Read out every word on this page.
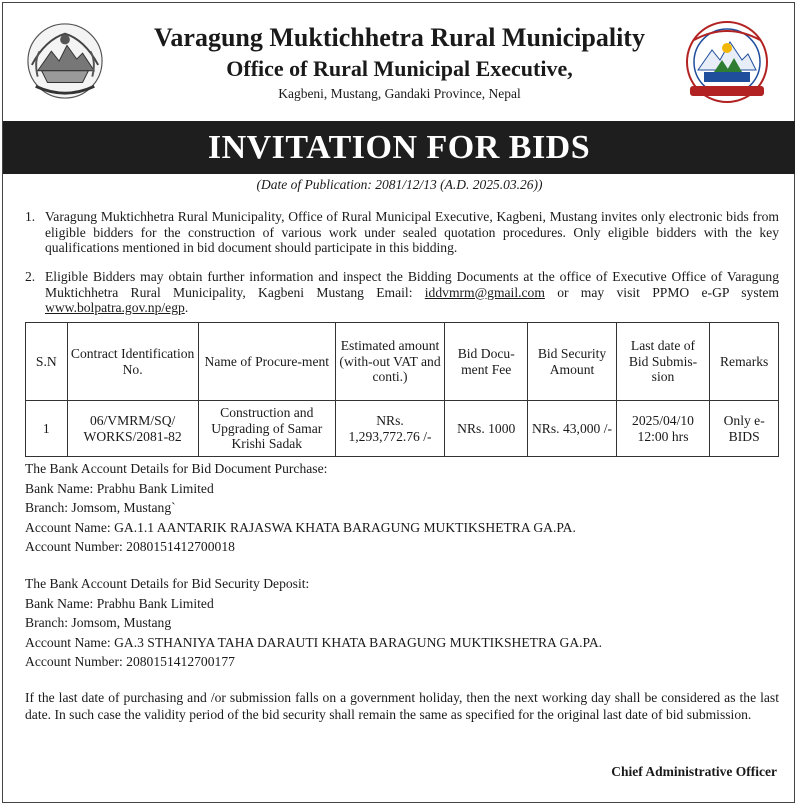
Varagung Muktichhetra Rural Municipality
Office of Rural Municipal Executive,
Kagbeni, Mustang, Gandaki Province, Nepal
INVITATION FOR BIDS
(Date of Publication: 2081/12/13 (A.D. 2025.03.26))
1. Varagung Muktichhetra Rural Municipality, Office of Rural Municipal Executive, Kagbeni, Mustang invites only electronic bids from eligible bidders for the construction of various work under sealed quotation procedures. Only eligible bidders with the key qualifications mentioned in bid document should participate in this bidding.
2. Eligible Bidders may obtain further information and inspect the Bidding Documents at the office of Executive Office of Varagung Muktichhetra Rural Municipality, Kagbeni Mustang Email: iddvmrm@gmail.com or may visit PPMO e-GP system www.bolpatra.gov.np/egp.
S.N	Contract Identification No.	Name of Procure-ment	Estimated amount (with-out VAT and conti.)	Bid Docu-ment Fee	Bid Security Amount	Last date of Bid Submis-sion	Remarks
1	06/VMRM/SQ/ WORKS/2081-82	Construction and Upgrading of Samar Krishi Sadak	NRs. 1,293,772.76 /-	NRs. 1000	NRs. 43,000 /-	2025/04/10 12:00 hrs	Only e-BIDS
The Bank Account Details for Bid Document Purchase:
Bank Name: Prabhu Bank Limited
Branch: Jomsom, Mustang`
Account Name: GA.1.1 AANTARIK RAJASWA KHATA BARAGUNG MUKTIKSHETRA GA.PA.
Account Number: 2080151412700018
The Bank Account Details for Bid Security Deposit:
Bank Name: Prabhu Bank Limited
Branch: Jomsom, Mustang
Account Name: GA.3 STHANIYA TAHA DARAUTI KHATA BARAGUNG MUKTIKSHETRA GA.PA.
Account Number: 2080151412700177
If the last date of purchasing and /or submission falls on a government holiday, then the next working day shall be considered as the last date. In such case the validity period of the bid security shall remain the same as specified for the original last date of bid submission.
Chief Administrative Officer
